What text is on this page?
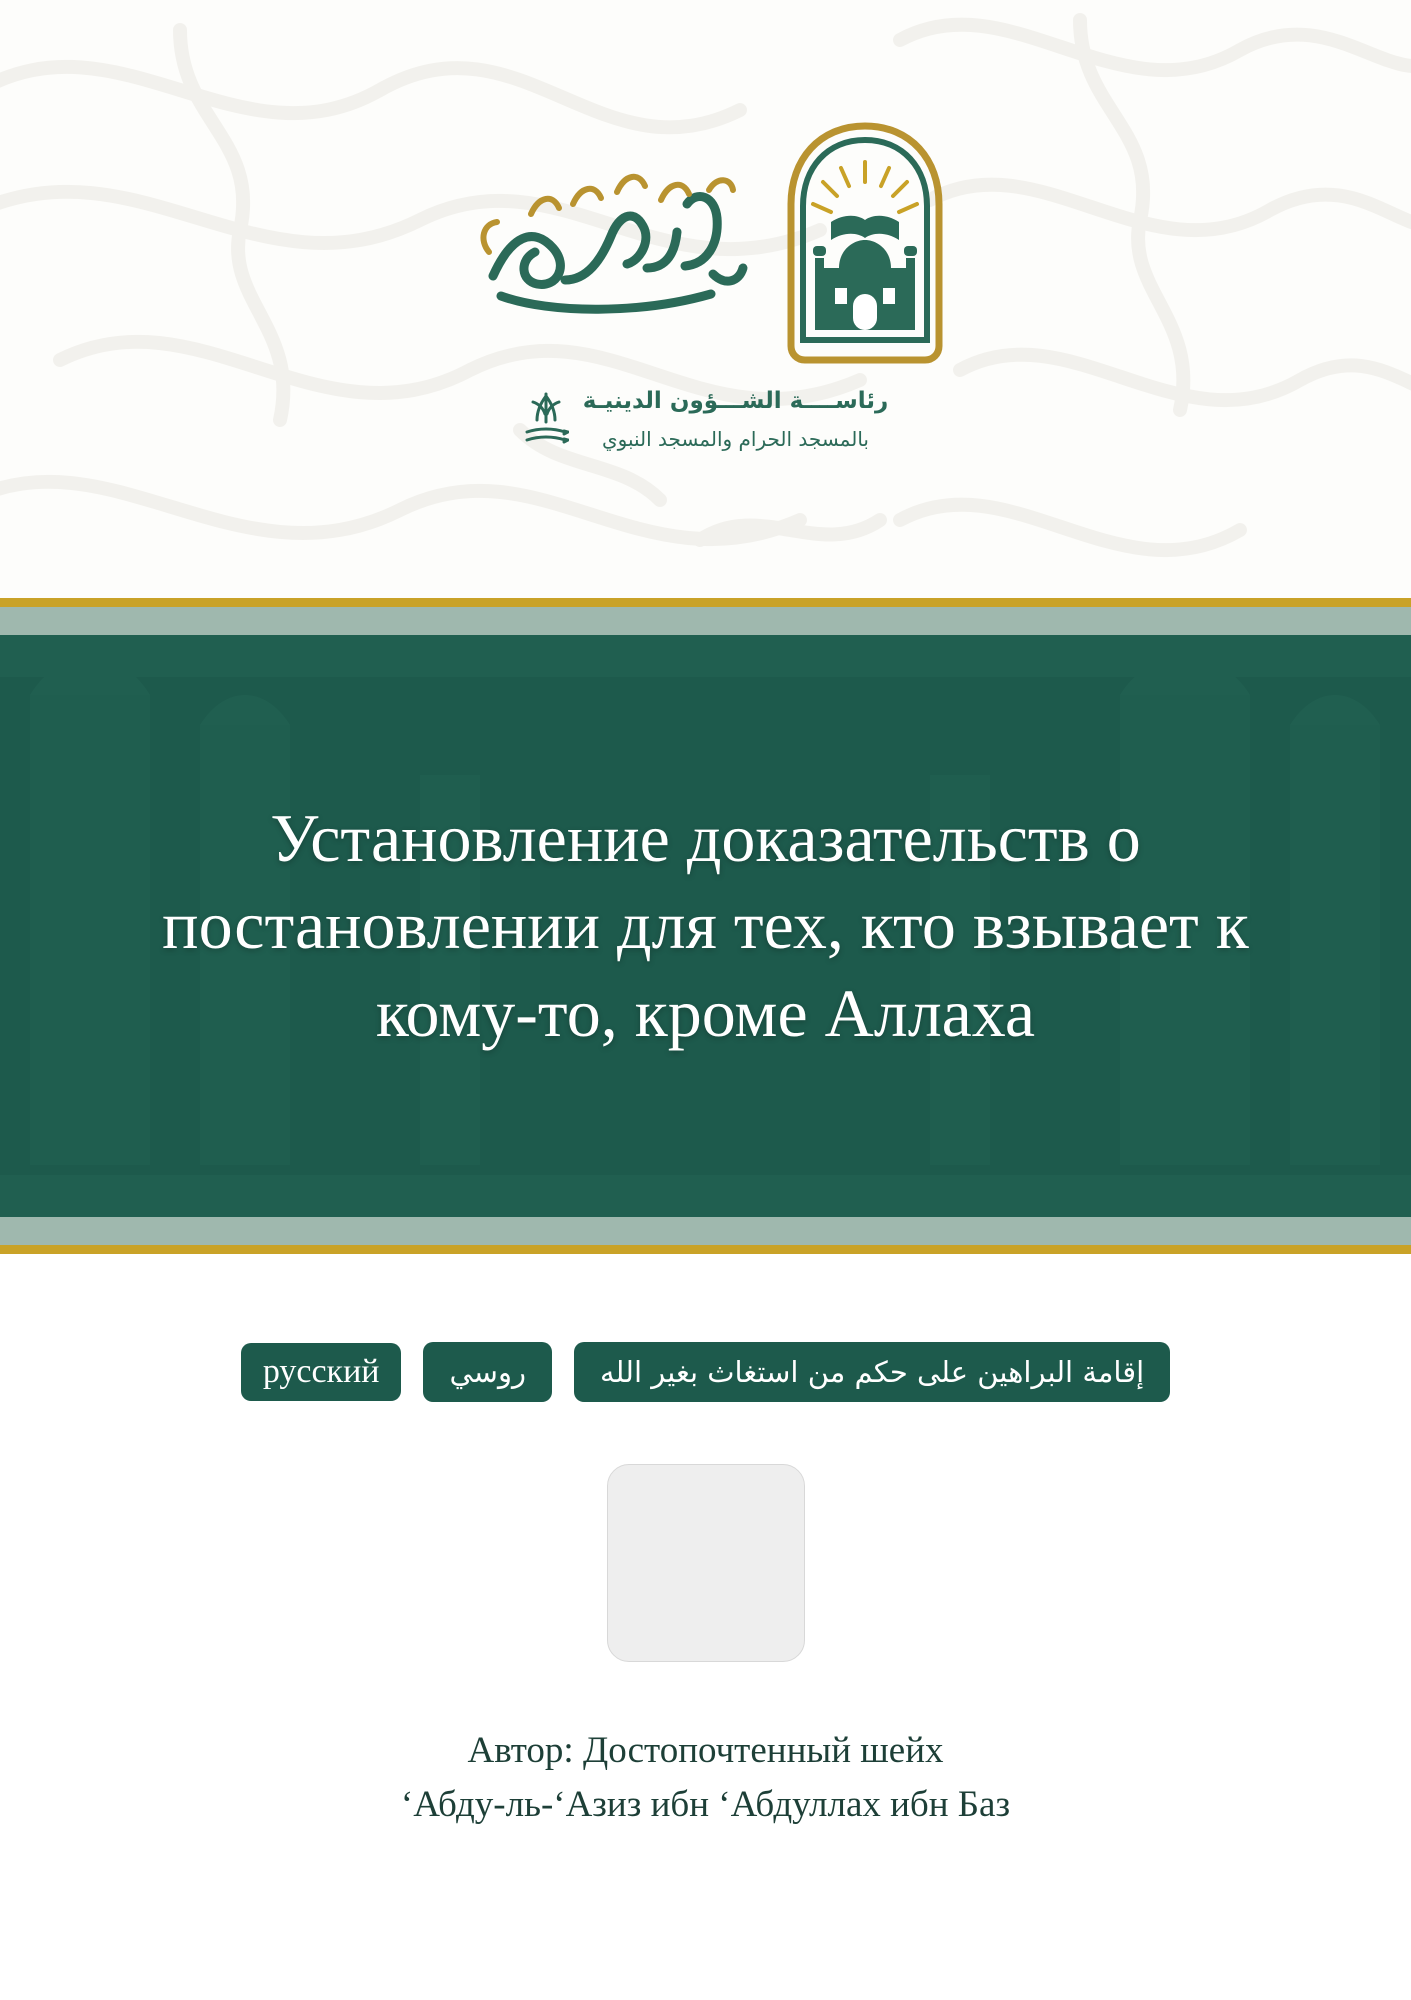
رئاســــة الشـــؤون الدينيـة
بالمسجد الحرام والمسجد النبوي
Установление доказательств о постановлении для тех, кто взывает к кому-то, кроме Аллаха
إقامة البراهين على حكم من استغاث بغير الله
روسي
русский
Автор: Достопочтенный шейх
ʻАбду-ль-ʻАзиз ибн ʻАбдуллах ибн Баз
